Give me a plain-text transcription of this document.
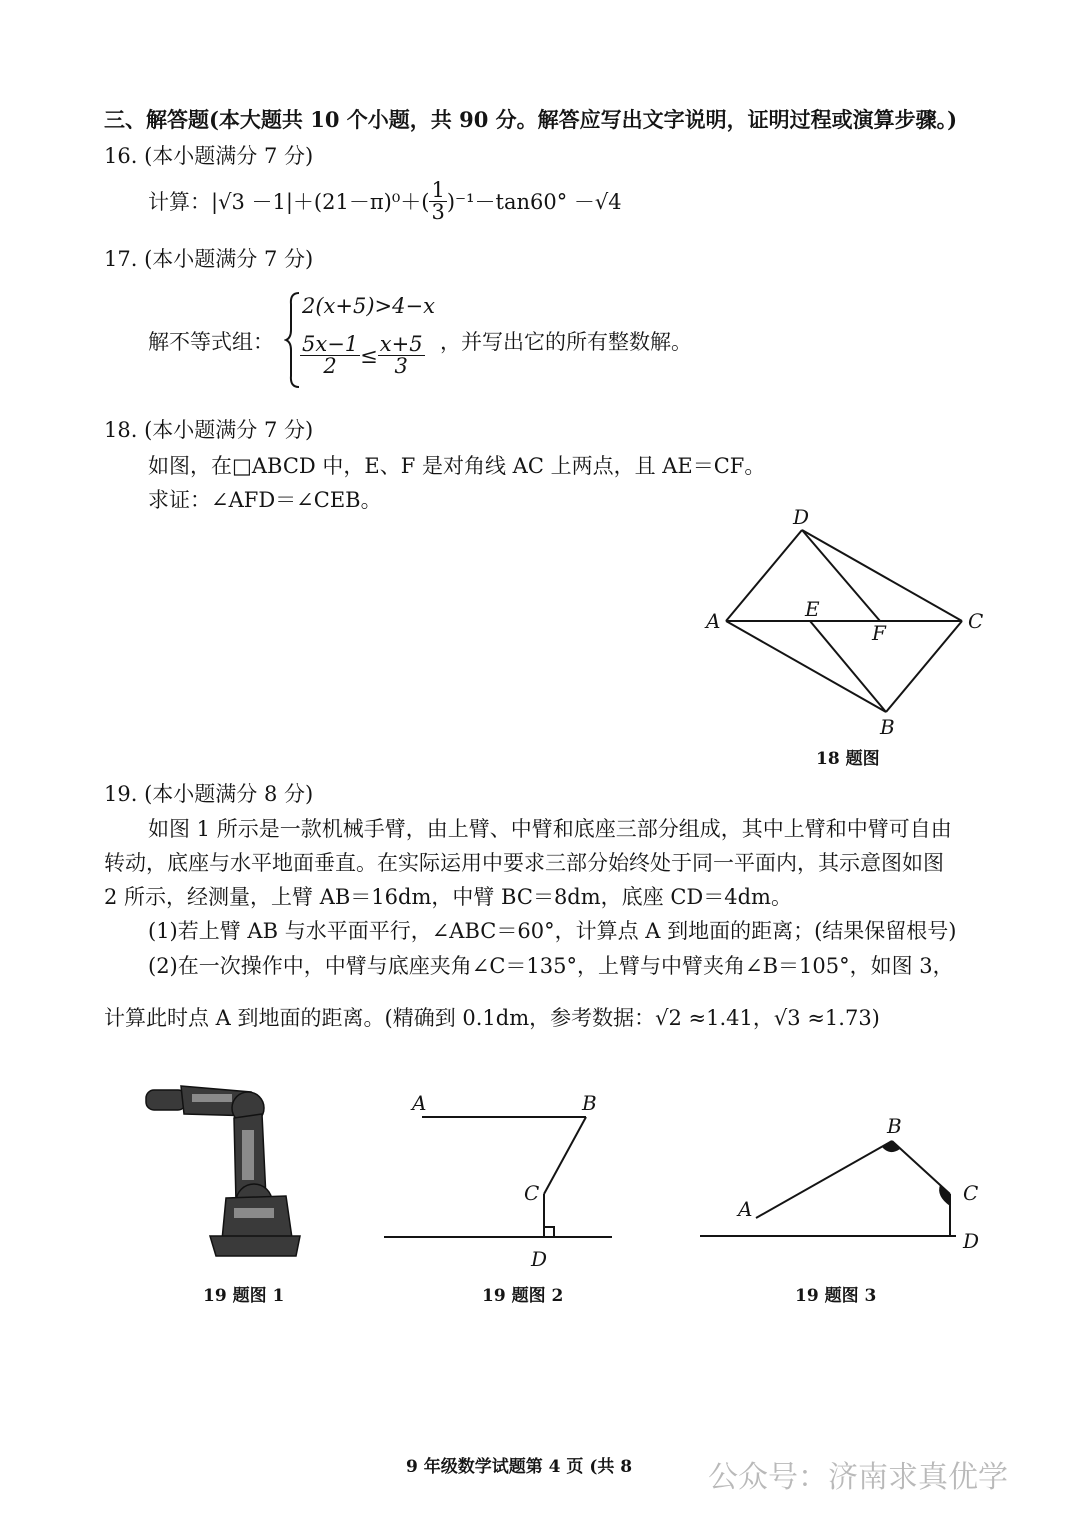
三、解答题(本大题共 10 个小题，共 90 分。解答应写出文字说明，证明过程或演算步骤。)
16. (本小题满分 7 分)
计算： $|√3 -1|+(21-\pi)^0+( \frac{1}{3} )^{-1}-\tan 60^\circ -√4$
17. (本小题满分 7 分)
解不等式组：
2(x+5)>4−x
$\frac{5x-1}{2} \le \frac{x+5}{3}$ ，并写出它的所有整数解。
18. (本小题满分 7 分)
如图，在□ABCD 中，E、F 是对角线 AC 上两点，且 AE＝CF。
求证：∠AFD＝∠CEB。
D
A	E
F	C
B
18 题图
19. (本小题满分 8 分)
如图 1 所示是一款机械手臂，由上臂、中臂和底座三部分组成，其中上臂和中臂可自由
转动，底座与水平地面垂直。在实际运用中要求三部分始终处于同一平面内，其示意图如图
2 所示，经测量，上臂 AB＝16dm，中臂 BC＝8dm，底座 CD＝4dm。
(1)若上臂 AB 与水平面平行，∠ABC＝60°，计算点 A 到地面的距离；(结果保留根号)
(2)在一次操作中，中臂与底座夹角∠C＝135°，上臂与中臂夹角∠B＝105°，如图 3，
计算此时点 A 到地面的距离。(精确到 0.1dm，参考数据：√2 ≈1.41，√3 ≈1.73)
19 题图 1
A	B
C
D
19 题图 2
A
B
C
D
19 题图 3
9 年级数学试题第 4 页 (共 8	公众号：济南求真优学
